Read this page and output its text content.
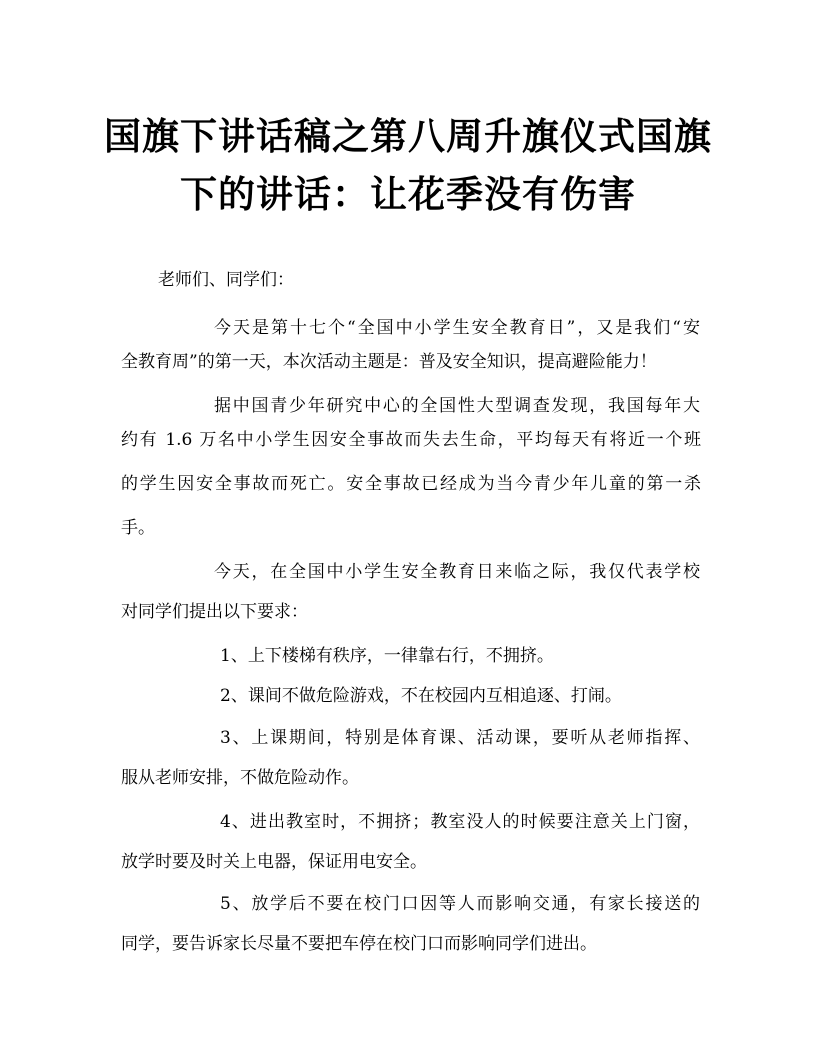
国旗下讲话稿之第八周升旗仪式国旗
下的讲话：让花季没有伤害
老师们、同学们：
今天是第十七个“全国中小学生安全教育日”，又是我们“安
全教育周”的第一天，本次活动主题是：普及安全知识，提高避险能力！
据中国青少年研究中心的全国性大型调查发现，我国每年大
约有 1.6 万名中小学生因安全事故而失去生命，平均每天有将近一个班
的学生因安全事故而死亡。安全事故已经成为当今青少年儿童的第一杀
手。
今天，在全国中小学生安全教育日来临之际，我仅代表学校
对同学们提出以下要求：
1、上下楼梯有秩序，一律靠右行，不拥挤。
2、课间不做危险游戏，不在校园内互相追逐、打闹。
3、上课期间，特别是体育课、活动课，要听从老师指挥、
服从老师安排，不做危险动作。
4、进出教室时，不拥挤；教室没人的时候要注意关上门窗，
放学时要及时关上电器，保证用电安全。
5、放学后不要在校门口因等人而影响交通，有家长接送的
同学，要告诉家长尽量不要把车停在校门口而影响同学们进出。
